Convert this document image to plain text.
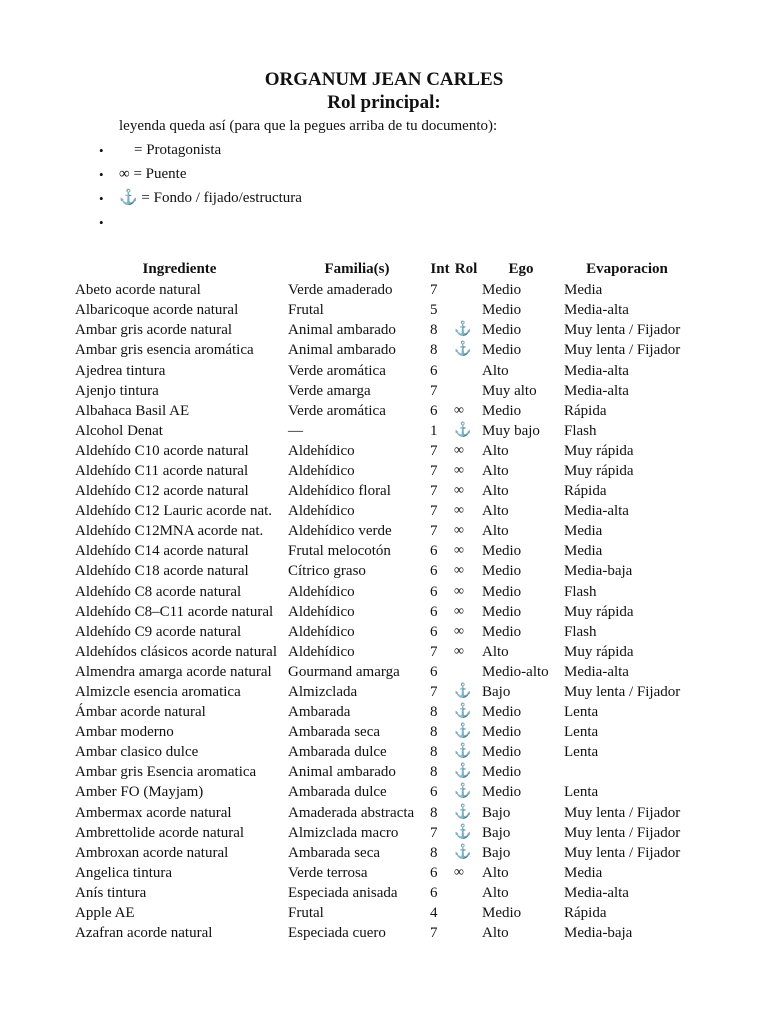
ORGANUM JEAN CARLES
Rol principal:
leyenda queda así (para que la pegues arriba de tu documento):
• = Protagonista
• ∞ = Puente
• ⚓ = Fondo / fijado/estructura
•
Ingrediente	Familia(s)	Int	Rol	Ego	Evaporacion
Abeto acorde natural	Verde amaderado	7		Medio	Media
Albaricoque acorde natural	Frutal	5		Medio	Media-alta
Ambar gris acorde natural	Animal ambarado	8	⚓	Medio	Muy lenta / Fijador
Ambar gris esencia aromática	Animal ambarado	8	⚓	Medio	Muy lenta / Fijador
Ajedrea tintura	Verde aromática	6		Alto	Media-alta
Ajenjo tintura	Verde amarga	7		Muy alto	Media-alta
Albahaca Basil AE	Verde aromática	6	∞	Medio	Rápida
Alcohol Denat	—	1	⚓	Muy bajo	Flash
Aldehído C10 acorde natural	Aldehídico	7	∞	Alto	Muy rápida
Aldehído C11 acorde natural	Aldehídico	7	∞	Alto	Muy rápida
Aldehído C12 acorde natural	Aldehídico floral	7	∞	Alto	Rápida
Aldehído C12 Lauric acorde nat.	Aldehídico	7	∞	Alto	Media-alta
Aldehído C12MNA acorde nat.	Aldehídico verde	7	∞	Alto	Media
Aldehído C14 acorde natural	Frutal melocotón	6	∞	Medio	Media
Aldehído C18 acorde natural	Cítrico graso	6	∞	Medio	Media-baja
Aldehído C8 acorde natural	Aldehídico	6	∞	Medio	Flash
Aldehído C8–C11 acorde natural	Aldehídico	6	∞	Medio	Muy rápida
Aldehído C9 acorde natural	Aldehídico	6	∞	Medio	Flash
Aldehídos clásicos acorde natural	Aldehídico	7	∞	Alto	Muy rápida
Almendra amarga acorde natural	Gourmand amarga	6		Medio-alto	Media-alta
Almizcle esencia aromatica	Almizclada	7	⚓	Bajo	Muy lenta / Fijador
Ámbar acorde natural	Ambarada	8	⚓	Medio	Lenta
Ambar moderno	Ambarada seca	8	⚓	Medio	Lenta
Ambar clasico dulce	Ambarada dulce	8	⚓	Medio	Lenta
Ambar gris Esencia aromatica	Animal ambarado	8	⚓	Medio	
Amber FO (Mayjam)	Ambarada dulce	6	⚓	Medio	Lenta
Ambermax acorde natural	Amaderada abstracta	8	⚓	Bajo	Muy lenta / Fijador
Ambrettolide acorde natural	Almizclada macro	7	⚓	Bajo	Muy lenta / Fijador
Ambroxan acorde natural	Ambarada seca	8	⚓	Bajo	Muy lenta / Fijador
Angelica tintura	Verde terrosa	6	∞	Alto	Media
Anís tintura	Especiada anisada	6		Alto	Media-alta
Apple AE	Frutal	4		Medio	Rápida
Azafran acorde natural	Especiada cuero	7		Alto	Media-baja
